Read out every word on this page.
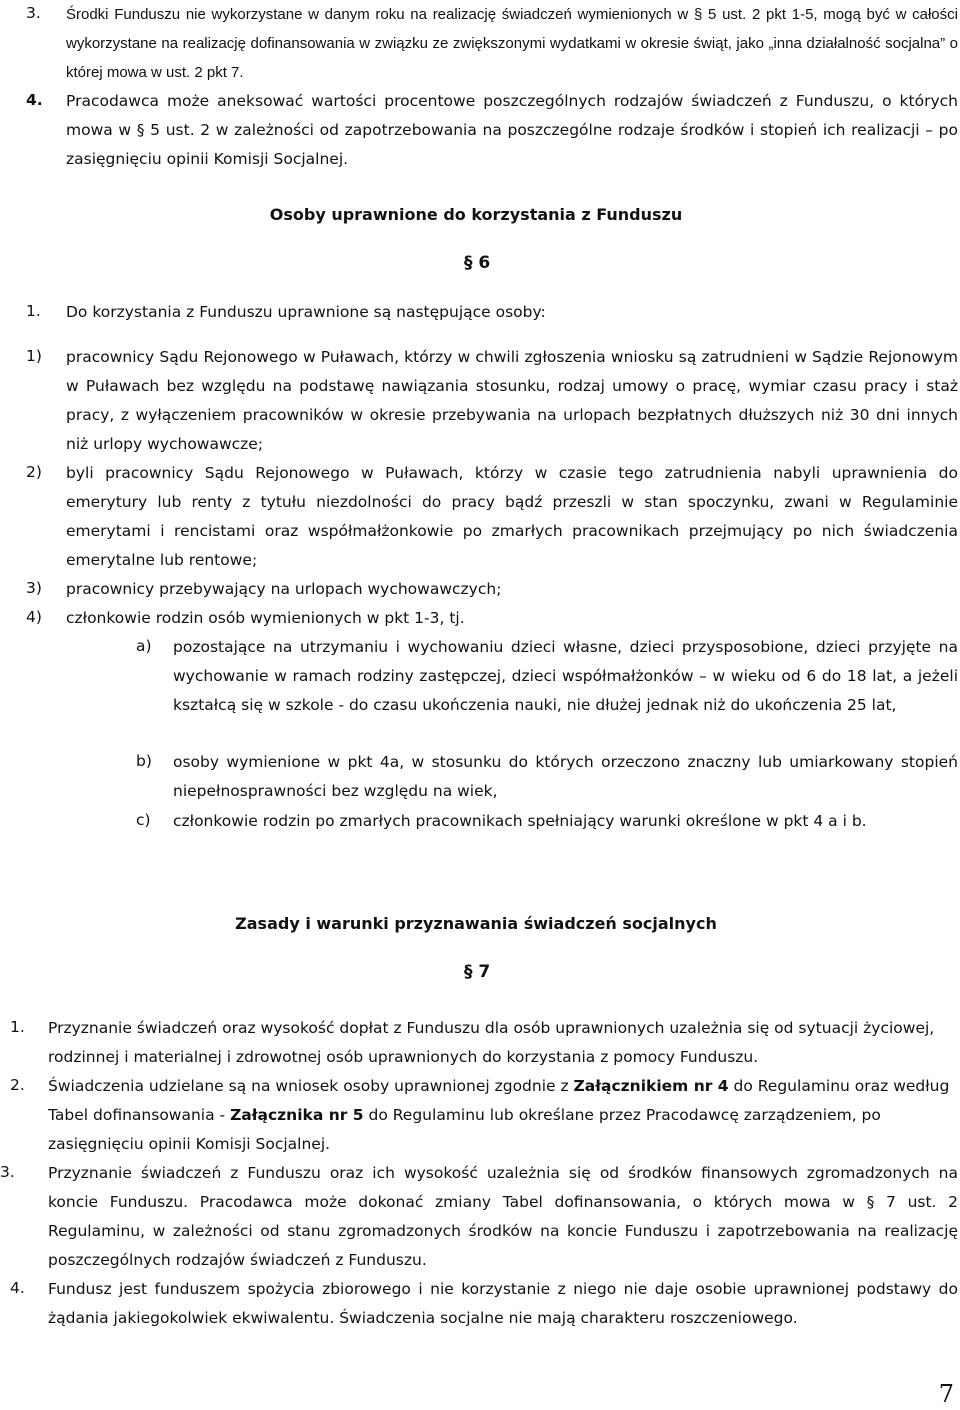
3. Środki Funduszu nie wykorzystane w danym roku na realizację świadczeń wymienionych w § 5 ust. 2 pkt 1-5, mogą być w całości wykorzystane na realizację dofinansowania w związku ze zwiększonymi wydatkami w okresie świąt, jako „inna działalność socjalna” o której mowa w ust. 2 pkt 7.

4. Pracodawca może aneksować wartości procentowe poszczególnych rodzajów świadczeń z Funduszu, o których mowa w § 5 ust. 2 w zależności od zapotrzebowania na poszczególne rodzaje środków i stopień ich realizacji – po zasięgnięciu opinii Komisji Socjalnej.

Osoby uprawnione do korzystania z Funduszu
§ 6
1. Do korzystania z Funduszu uprawnione są następujące osoby:

1) pracownicy Sądu Rejonowego w Puławach, którzy w chwili zgłoszenia wniosku są zatrudnieni w Sądzie Rejonowym w Puławach bez względu na podstawę nawiązania stosunku, rodzaj umowy o pracę, wymiar czasu pracy i staż pracy, z wyłączeniem pracowników w okresie przebywania na urlopach bezpłatnych dłuższych niż 30 dni innych niż urlopy wychowawcze;

2) byli pracownicy Sądu Rejonowego w Puławach, którzy w czasie tego zatrudnienia nabyli uprawnienia do emerytury lub renty z tytułu niezdolności do pracy bądź przeszli w stan spoczynku, zwani w Regulaminie emerytami i rencistami oraz współmałżonkowie po zmarłych pracownikach przejmujący po nich świadczenia emerytalne lub rentowe;

3) pracownicy przebywający na urlopach wychowawczych;

4) członkowie rodzin osób wymienionych w pkt 1-3, tj.

a) pozostające na utrzymaniu i wychowaniu dzieci własne, dzieci przysposobione, dzieci przyjęte na wychowanie w ramach rodziny zastępczej, dzieci współmałżonków – w wieku od 6 do 18 lat, a jeżeli kształcą się w szkole - do czasu ukończenia nauki, nie dłużej jednak niż do ukończenia 25 lat,

b) osoby wymienione w pkt 4a, w stosunku do których orzeczono znaczny lub umiarkowany stopień niepełnosprawności bez względu na wiek,

c) członkowie rodzin po zmarłych pracownikach spełniający warunki określone w pkt 4 a i b.

Zasady i warunki przyznawania świadczeń socjalnych
§ 7
1. Przyznanie świadczeń oraz wysokość dopłat z Funduszu dla osób uprawnionych uzależnia się od sytuacji życiowej, rodzinnej i materialnej i zdrowotnej osób uprawnionych do korzystania z pomocy Funduszu.

2. Świadczenia udzielane są na wniosek osoby uprawnionej zgodnie z Załącznikiem nr 4 do Regulaminu oraz według Tabel dofinansowania - Załącznika nr 5 do Regulaminu lub określane przez Pracodawcę zarządzeniem, po zasięgnięciu opinii Komisji Socjalnej.

3. Przyznanie świadczeń z Funduszu oraz ich wysokość uzależnia się od środków finansowych zgromadzonych na koncie Funduszu. Pracodawca może dokonać zmiany Tabel dofinansowania, o których mowa w § 7 ust. 2 Regulaminu, w zależności od stanu zgromadzonych środków na koncie Funduszu i zapotrzebowania na realizację poszczególnych rodzajów świadczeń z Funduszu.

4. Fundusz jest funduszem spożycia zbiorowego i nie korzystanie z niego nie daje osobie uprawnionej podstawy do żądania jakiegokolwiek ekwiwalentu. Świadczenia socjalne nie mają charakteru roszczeniowego.

7
